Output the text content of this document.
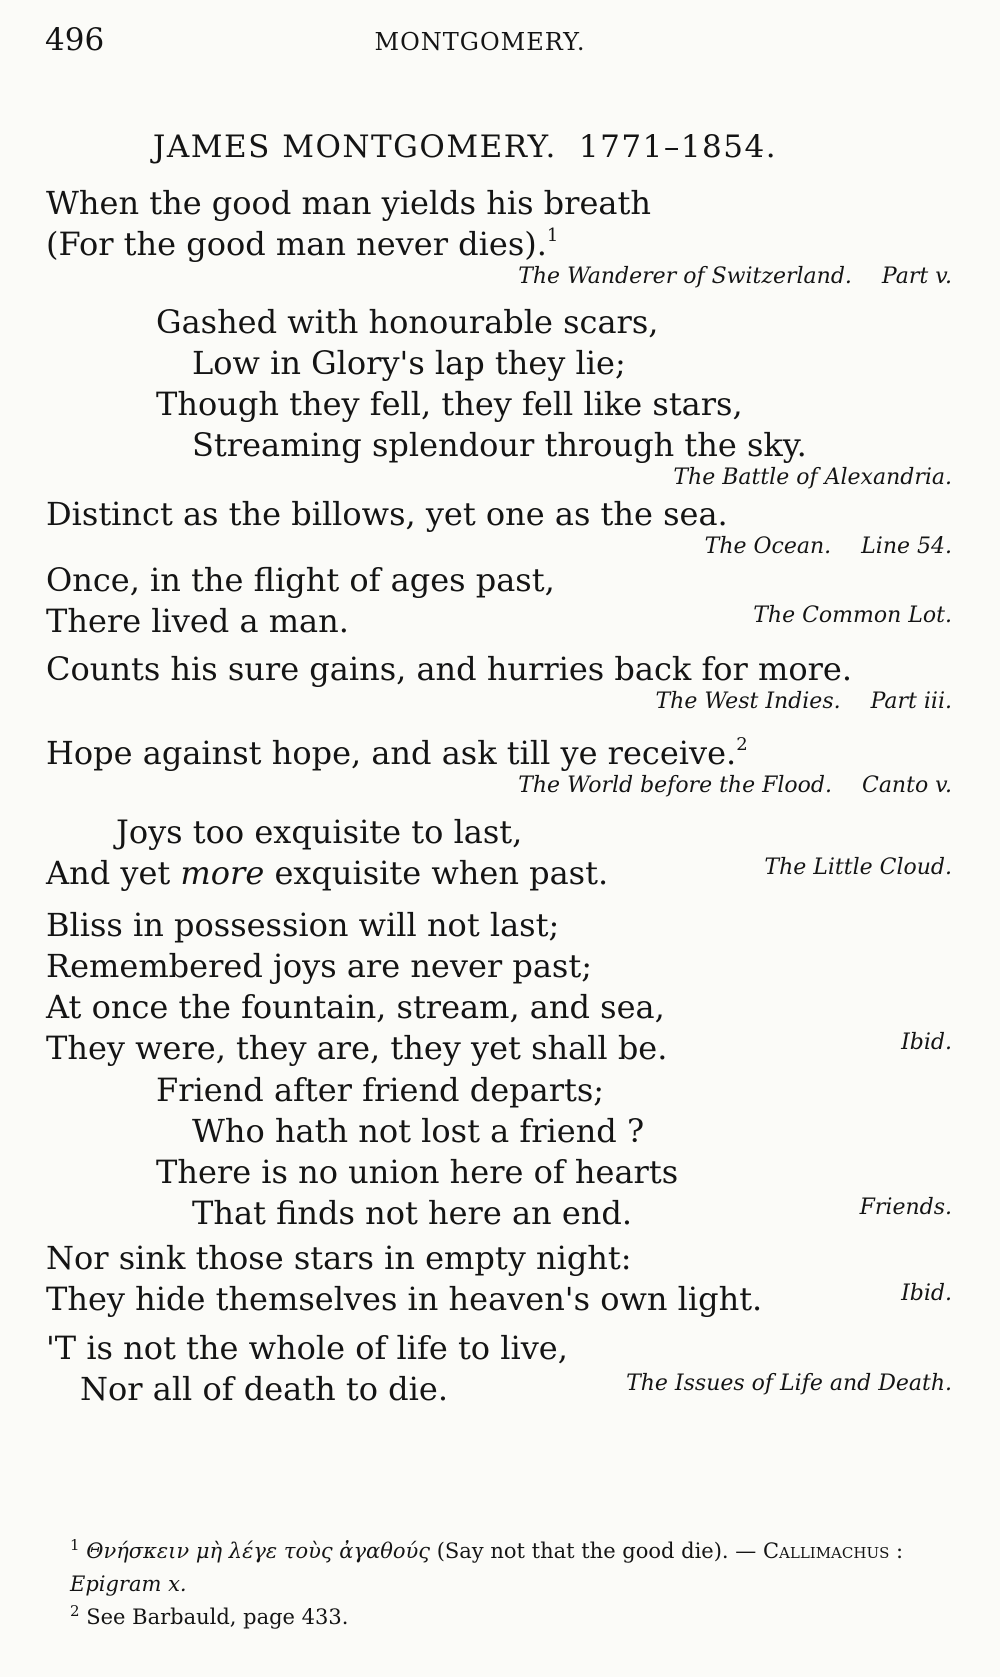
496	MONTGOMERY.
JAMES MONTGOMERY. 1771–1854.
When the good man yields his breath
(For the good man never dies).$^1$
The Wanderer of Switzerland. Part v.
Gashed with honourable scars,
Low in Glory's lap they lie;
Though they fell, they fell like stars,
Streaming splendour through the sky.
The Battle of Alexandria.
Distinct as the billows, yet one as the sea.
The Ocean. Line 54.
Once, in the flight of ages past,
There lived a man.	The Common Lot.
Counts his sure gains, and hurries back for more.
The West Indies. Part iii.
Hope against hope, and ask till ye receive.$^2$
The World before the Flood. Canto v.
Joys too exquisite to last,
And yet more exquisite when past.	The Little Cloud.
Bliss in possession will not last;
Remembered joys are never past;
At once the fountain, stream, and sea,
They were, they are, they yet shall be.	Ibid.
Friend after friend departs;
Who hath not lost a friend ?
There is no union here of hearts
That finds not here an end.	Friends.
Nor sink those stars in empty night:
They hide themselves in heaven's own light.	Ibid.
'T is not the whole of life to live,
Nor all of death to die.	The Issues of Life and Death.
$^1$ Θνήσκειν μὴ λέγε τοὺς ἀγαθούς (Say not that the good die). — Callimachus : Epigram x.
$^2$ See Barbauld, page 433.
